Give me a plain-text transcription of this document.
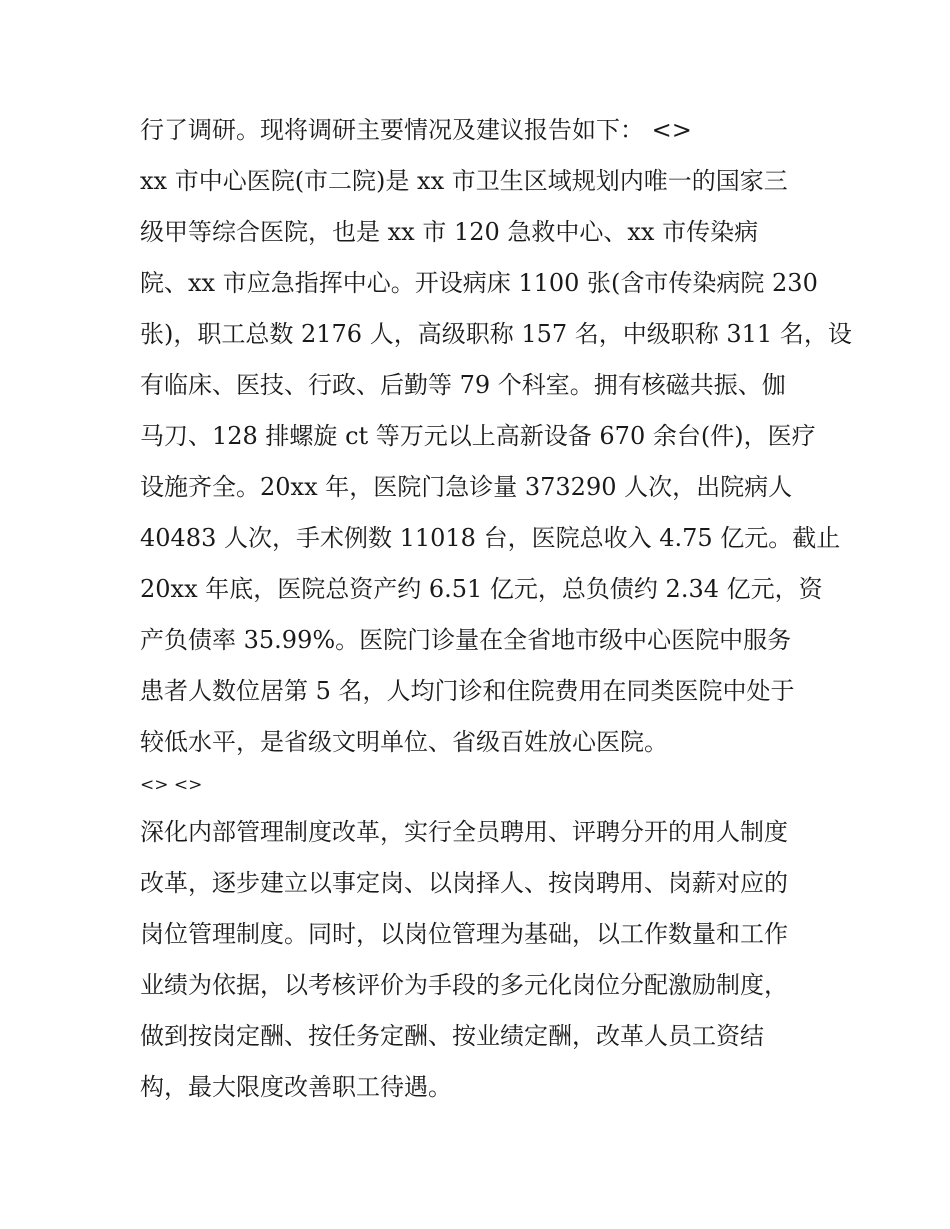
行了调研。现将调研主要情况及建议报告如下： <>
xx 市中心医院(市二院)是 xx 市卫生区域规划内唯一的国家三
级甲等综合医院，也是 xx 市 120 急救中心、xx 市传染病
院、xx 市应急指挥中心。开设病床 1100 张(含市传染病院 230
张)，职工总数 2176 人，高级职称 157 名，中级职称 311 名，设
有临床、医技、行政、后勤等 79 个科室。拥有核磁共振、伽
马刀、128 排螺旋 ct 等万元以上高新设备 670 余台(件)，医疗
设施齐全。20xx 年，医院门急诊量 373290 人次，出院病人
40483 人次，手术例数 11018 台，医院总收入 4.75 亿元。截止
20xx 年底，医院总资产约 6.51 亿元，总负债约 2.34 亿元，资
产负债率 35.99%。医院门诊量在全省地市级中心医院中服务
患者人数位居第 5 名，人均门诊和住院费用在同类医院中处于
较低水平，是省级文明单位、省级百姓放心医院。
<> <>
深化内部管理制度改革，实行全员聘用、评聘分开的用人制度
改革，逐步建立以事定岗、以岗择人、按岗聘用、岗薪对应的
岗位管理制度。同时，以岗位管理为基础，以工作数量和工作
业绩为依据，以考核评价为手段的多元化岗位分配激励制度，
做到按岗定酬、按任务定酬、按业绩定酬，改革人员工资结
构，最大限度改善职工待遇。
